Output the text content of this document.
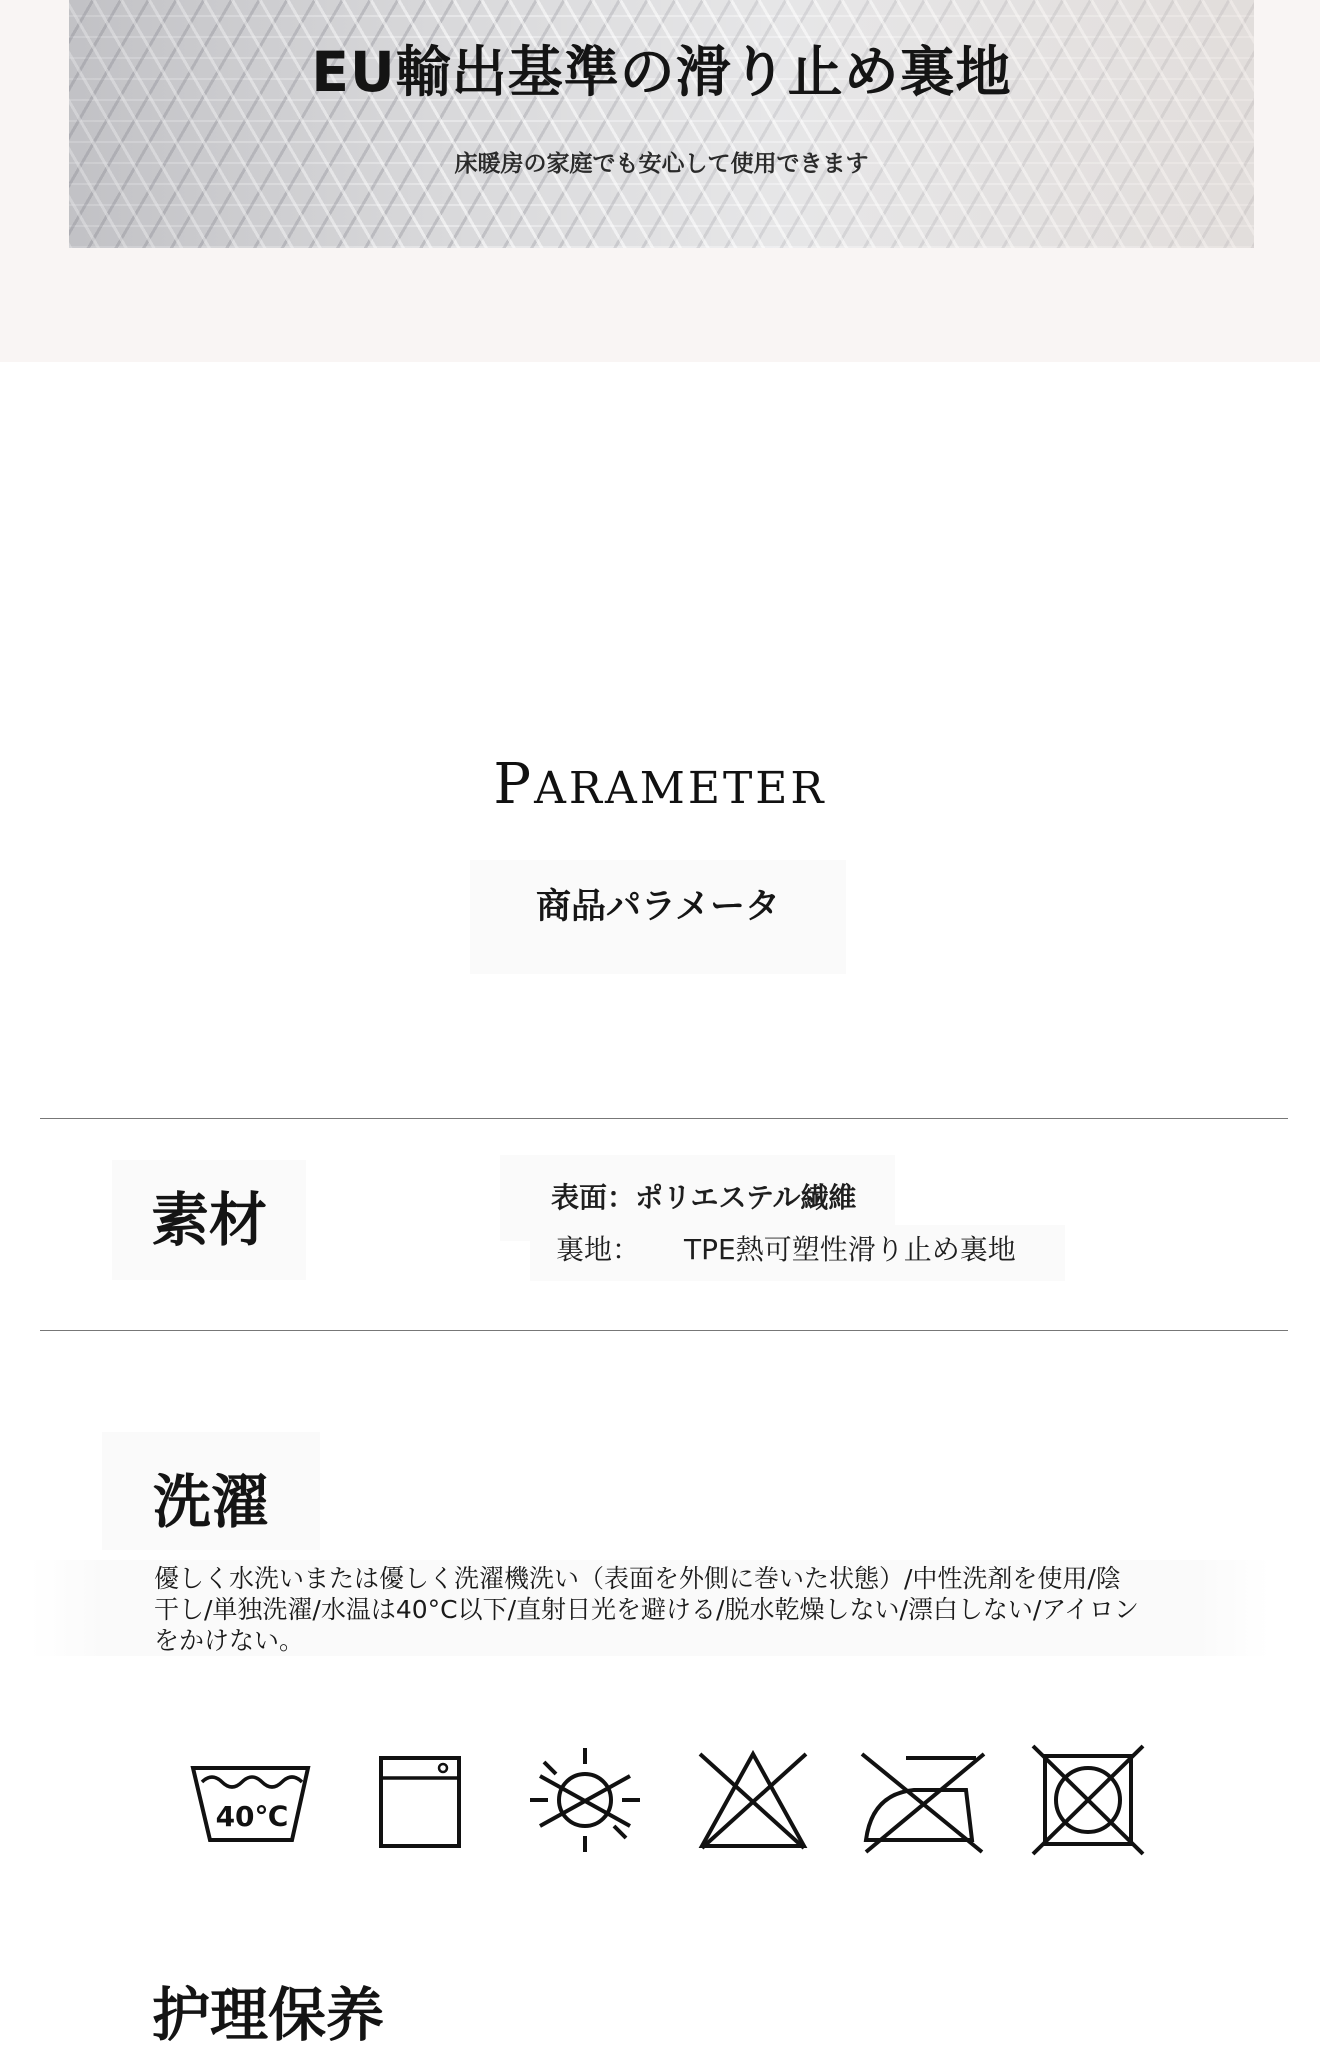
EU輸出基準の滑り止め裏地
床暖房の家庭でも安心して使用できます
PARAMETER
商品パラメータ
素材	表面：ポリエステル繊維
裏地： TPE熱可塑性滑り止め裏地
洗濯

優しく水洗いまたは優しく洗濯機洗い（表面を外側に巻いた状態）/中性洗剤を使用/陰干し/単独洗濯/水温は40°C以下/直射日光を避ける/脱水乾燥しない/漂白しない/アイロンをかけない。

40℃
护理保养
